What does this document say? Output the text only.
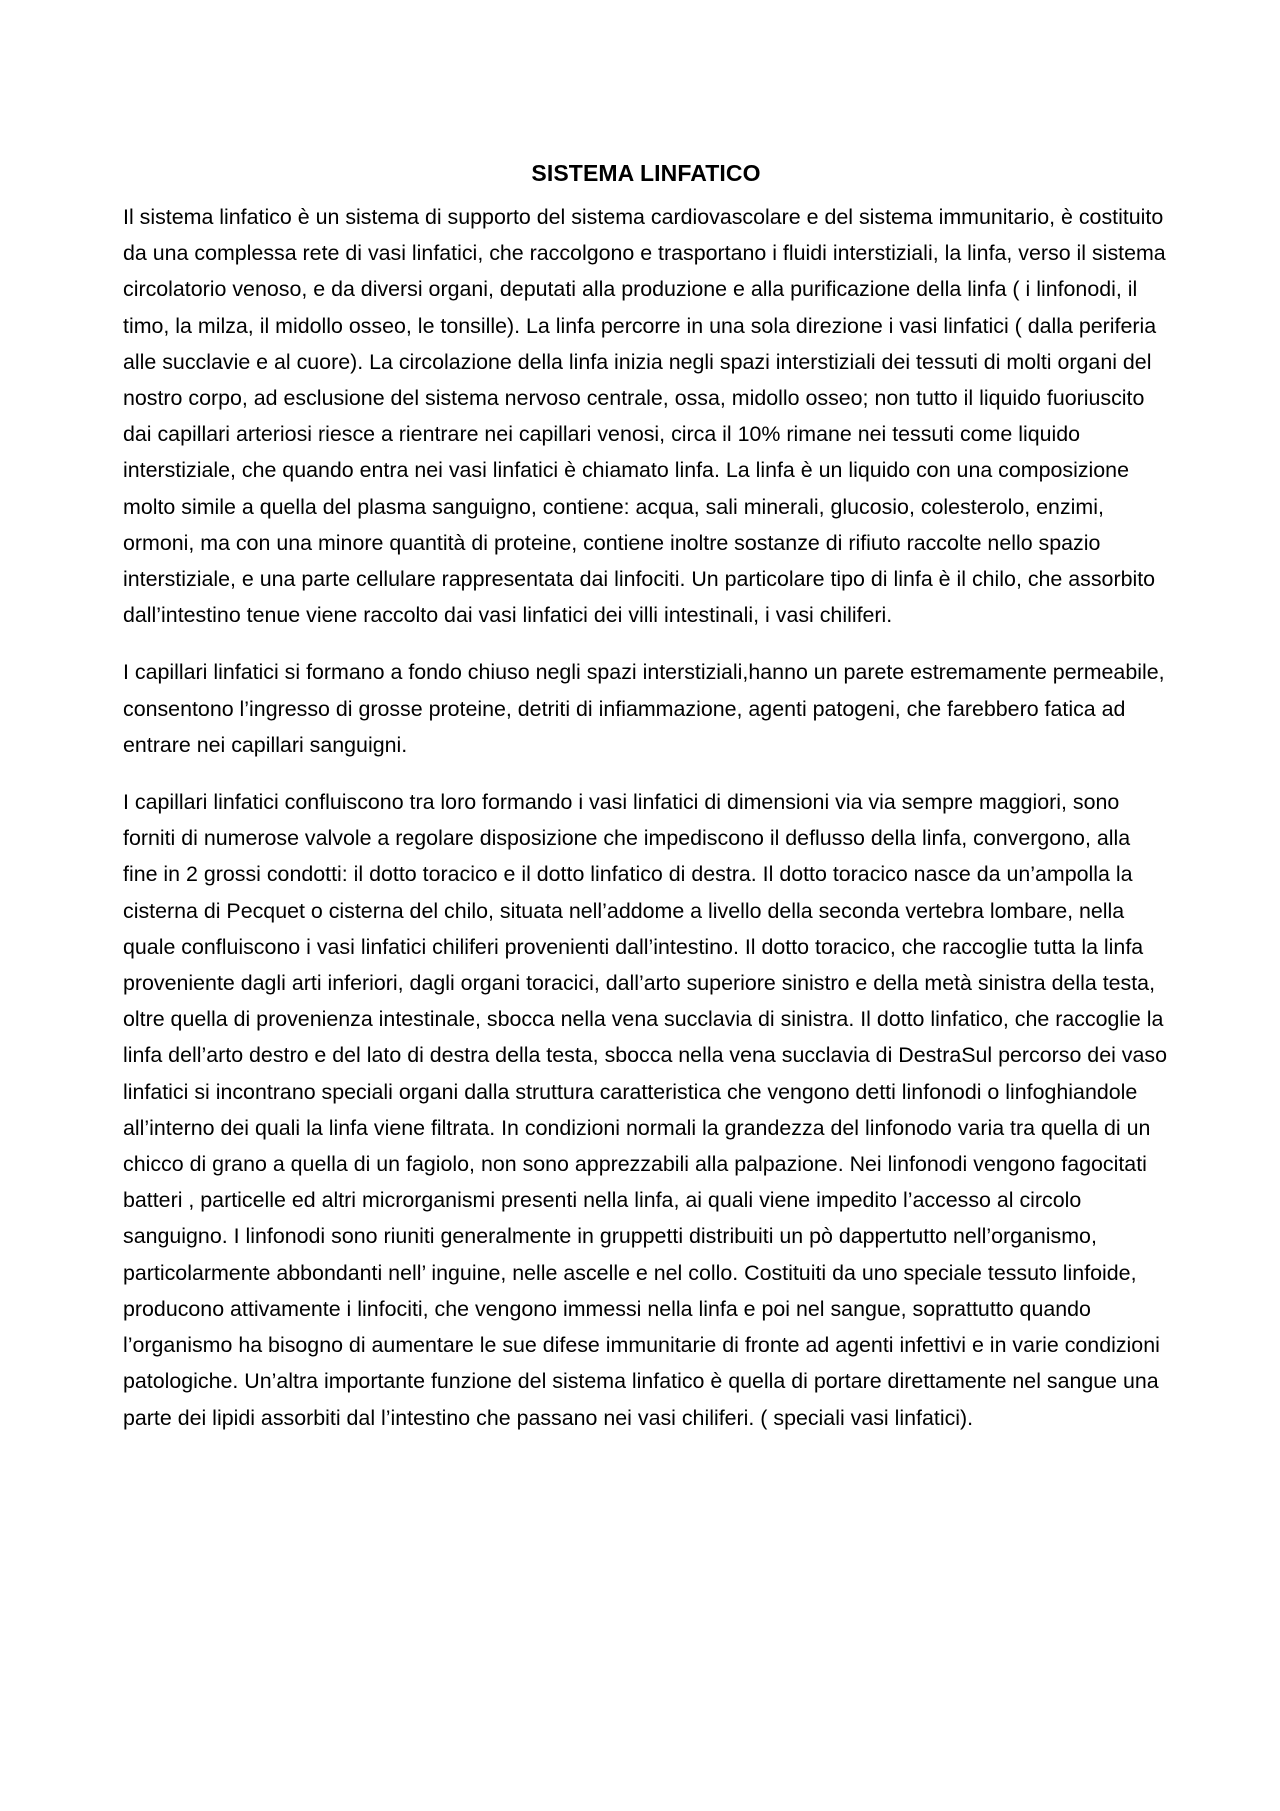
SISTEMA LINFATICO

Il sistema linfatico è un sistema di supporto del sistema cardiovascolare e del sistema immunitario, è costituito da una complessa rete di vasi linfatici, che raccolgono e trasportano i fluidi interstiziali, la linfa, verso il sistema circolatorio venoso, e da diversi organi, deputati alla produzione e alla purificazione della linfa ( i linfonodi, il timo, la milza, il midollo osseo, le tonsille). La linfa percorre in una sola direzione i vasi linfatici ( dalla periferia alle succlavie e al cuore). La circolazione della linfa inizia negli spazi interstiziali dei tessuti di molti organi del nostro corpo, ad esclusione del sistema nervoso centrale, ossa, midollo osseo; non tutto il liquido fuoriuscito dai capillari arteriosi riesce a rientrare nei capillari venosi, circa il 10% rimane nei tessuti come liquido interstiziale, che quando entra nei vasi linfatici è chiamato linfa. La linfa è un liquido con una composizione molto simile a quella del plasma sanguigno, contiene: acqua, sali minerali, glucosio, colesterolo, enzimi, ormoni, ma con una minore quantità di proteine, contiene inoltre sostanze di rifiuto raccolte nello spazio interstiziale, e una parte cellulare rappresentata dai linfociti. Un particolare tipo di linfa è il chilo, che assorbito dall’intestino tenue viene raccolto dai vasi linfatici dei villi intestinali, i vasi chiliferi.

I capillari linfatici si formano a fondo chiuso negli spazi interstiziali,hanno un parete estremamente permeabile, consentono l’ingresso di grosse proteine, detriti di infiammazione, agenti patogeni, che farebbero fatica ad entrare nei capillari sanguigni.

I capillari linfatici confluiscono tra loro formando i vasi linfatici di dimensioni via via sempre maggiori, sono forniti di numerose valvole a regolare disposizione che impediscono il deflusso della linfa, convergono, alla fine in 2 grossi condotti: il dotto toracico e il dotto linfatico di destra. Il dotto toracico nasce da un’ampolla la cisterna di Pecquet o cisterna del chilo, situata nell’addome a livello della seconda vertebra lombare, nella quale confluiscono i vasi linfatici chiliferi provenienti dall’intestino. Il dotto toracico, che raccoglie tutta la linfa proveniente dagli arti inferiori, dagli organi toracici, dall’arto superiore sinistro e della metà sinistra della testa, oltre quella di provenienza intestinale, sbocca nella vena succlavia di sinistra. Il dotto linfatico, che raccoglie la linfa dell’arto destro e del lato di destra della testa, sbocca nella vena succlavia di DestraSul percorso dei vaso linfatici si incontrano speciali organi dalla struttura caratteristica che vengono detti linfonodi o linfoghiandole all’interno dei quali la linfa viene filtrata. In condizioni normali la grandezza del linfonodo varia tra quella di un chicco di grano a quella di un fagiolo, non sono apprezzabili alla palpazione. Nei linfonodi vengono fagocitati batteri , particelle ed altri microrganismi presenti nella linfa, ai quali viene impedito l’accesso al circolo sanguigno. I linfonodi sono riuniti generalmente in gruppetti distribuiti un pò dappertutto nell’organismo, particolarmente abbondanti nell’ inguine, nelle ascelle e nel collo. Costituiti da uno speciale tessuto linfoide, producono attivamente i linfociti, che vengono immessi nella linfa e poi nel sangue, soprattutto quando l’organismo ha bisogno di aumentare le sue difese immunitarie di fronte ad agenti infettivi e in varie condizioni patologiche. Un’altra importante funzione del sistema linfatico è quella di portare direttamente nel sangue una parte dei lipidi assorbiti dal l’intestino che passano nei vasi chiliferi. ( speciali vasi linfatici).
